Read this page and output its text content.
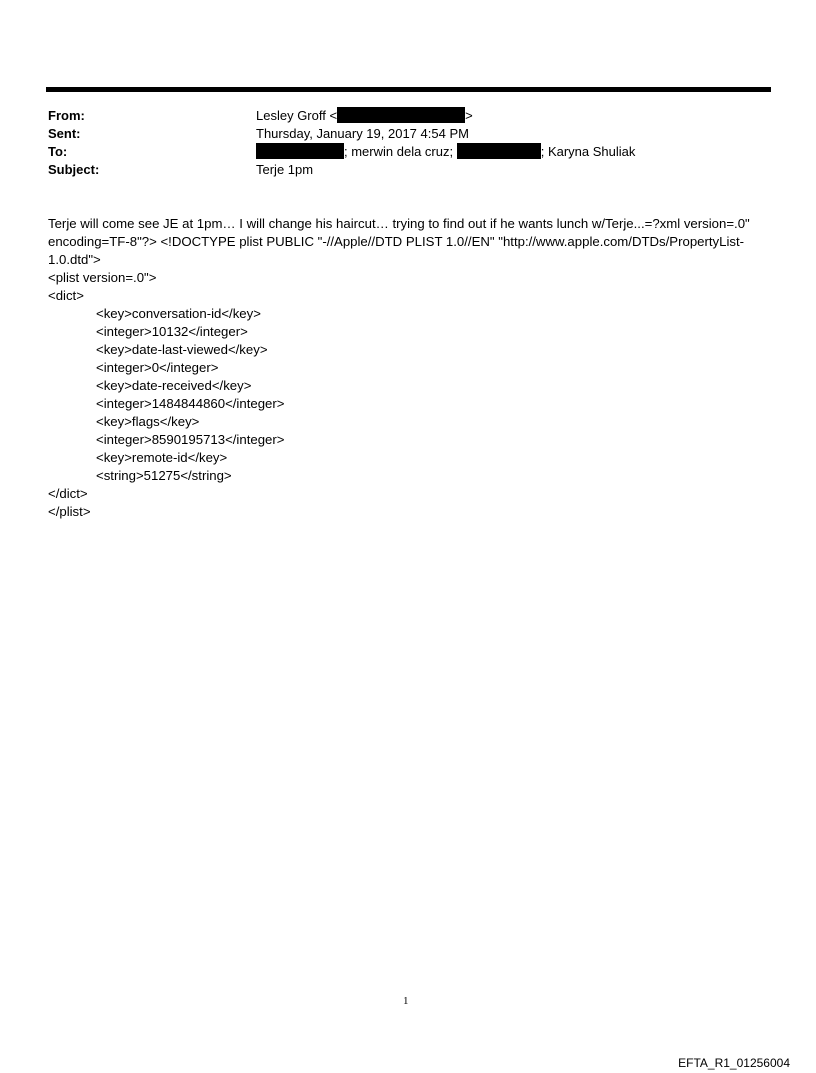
From:	Lesley Groff <	>
Sent:	Thursday, January 19, 2017 4:54 PM
To:	; merwin dela cruz;	; Karyna Shuliak
Subject:	Terje 1pm
Terje will come see JE at 1pm… I will change his haircut… trying to find out if he wants lunch w/Terje...=?xml version=.0"
encoding=TF-8"?> <!DOCTYPE plist PUBLIC "-//Apple//DTD PLIST 1.0//EN" "http://www.apple.com/DTDs/PropertyList-
1.0.dtd">
<plist version=.0">
<dict>
<key>conversation-id</key>
<integer>10132</integer>
<key>date-last-viewed</key>
<integer>0</integer>
<key>date-received</key>
<integer>1484844860</integer>
<key>flags</key>
<integer>8590195713</integer>
<key>remote-id</key>
<string>51275</string>
</dict>
</plist>
1
EFTA_R1_01256004
